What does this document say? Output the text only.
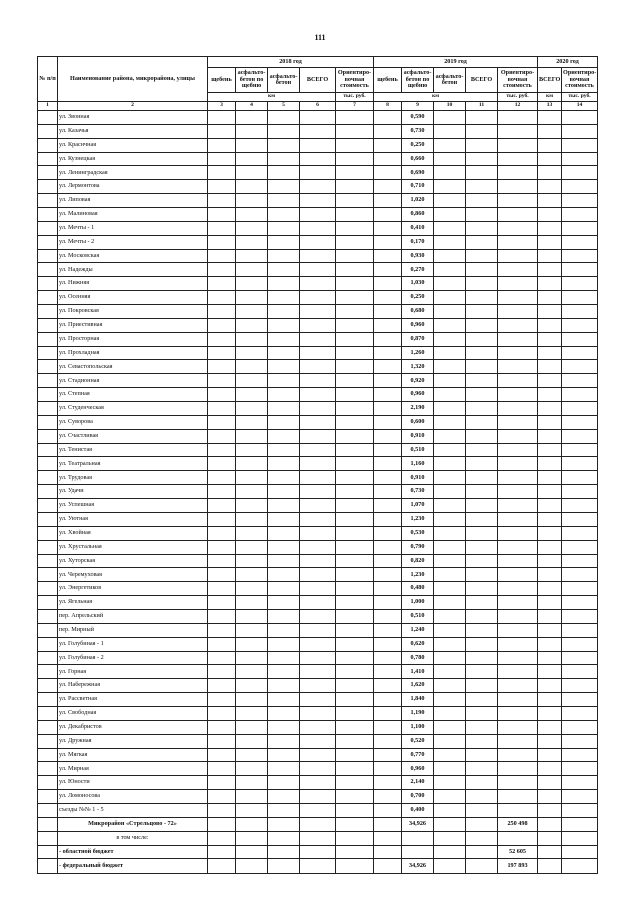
111
№ п/п	Наименование района, микрорайона, улицы	2018 год					2019 год					2020 год	
		щебень	асфальто-бетон по щебню	асфальто-бетон	ВСЕГО	Ориентиро-вочная стоимость	щебень	асфальто-бетон по щебню	асфальто-бетон	ВСЕГО	Ориентиро-вочная стоимость	ВСЕГО	Ориентиро-вочная стоимость
		км				тыс. руб.	км				тыс. руб.	км	тыс. руб.
1	2	3	4	5	6	7	8	9	10	11	12	13	14
	ул. Звонная							0,590					
	ул. Казачья							0,730					
	ул. Краснчная							0,250					
	ул. Кузнецкая							0,660					
	ул. Ленинградская							0,690					
	ул. Лермонтова							0,710					
	ул. Липовая							1,020					
	ул. Малиновая							0,860					
	ул. Мечты - 1							0,410					
	ул. Мечты - 2							0,170					
	ул. Московская							0,930					
	ул. Надежды							0,270					
	ул. Нижняя							1,030					
	ул. Осенняя							0,250					
	ул. Покровская							0,680					
	ул. Приестивная							0,960					
	ул. Просторная							0,870					
	ул. Прохладная							1,260					
	ул. Севастопольская							1,320					
	ул. Стадионная							0,920					
	ул. Степная							0,960					
	ул. Студенческая							2,190					
	ул. Суворова							0,600					
	ул. Счастливая							0,910					
	ул. Тенистая							0,510					
	ул. Театральная							1,160					
	ул. Трудовая							0,910					
	ул. Удачи							0,730					
	ул. Успешная							1,070					
	ул. Уютная							1,230					
	ул. Хвойная							0,530					
	ул. Хрустальная							0,790					
	ул. Хуторская							0,820					
	ул. Черемуховая							1,230					
	ул. Энергетиков							0,480					
	ул. Ягельная							1,000					
	пер. Апрельский							0,510					
	пер. Мирный							1,240					
	ул. Голубиная - 1							0,620					
	ул. Голубиная - 2							0,780					
	ул. Горная							1,410					
	ул. Набережная							1,620					
	ул. Рассветная							1,840					
	ул. Свободная							1,190					
	ул. Декабристов							1,100					
	ул. Дружная							0,520					
	ул. Мягкая							0,770					
	ул. Мирная							0,960					
	ул. Юности							2,140					
	ул. Ломоносова							0,700					
	съезды №№ 1 - 5							0,400					
	Микрорайон «Стрельцово - 72»							34,926			250 498		
	в том числе:												
	- областной бюджет										52 605		
	- федеральный бюджет							34,926			197 893		
